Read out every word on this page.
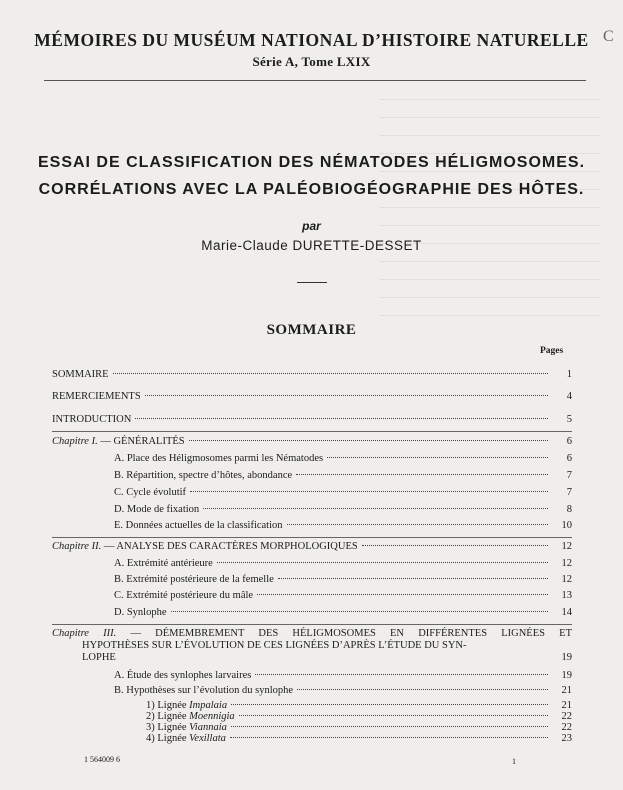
C
MÉMOIRES DU MUSÉUM NATIONAL D’HISTOIRE NATURELLE
Série A, Tome LXIX
ESSAI DE CLASSIFICATION DES NÉMATODES HÉLIGMOSOMES.
CORRÉLATIONS AVEC LA PALÉOBIOGÉOGRAPHIE DES HÔTES.
par
Marie-Claude DURETTE-DESSET
SOMMAIRE
Pages
SOMMAIRE	1
REMERCIEMENTS	4
INTRODUCTION	5
Chapitre I. — GÉNÉRALITÉS	6
A. Place des Héligmosomes parmi les Nématodes	6
B. Répartition, spectre d’hôtes, abondance	7
C. Cycle évolutif	7
D. Mode de fixation	8
E. Données actuelles de la classification	10
Chapitre II. — ANALYSE DES CARACTÈRES MORPHOLOGIQUES	12
A. Extrémité antérieure	12
B. Extrémité postérieure de la femelle	12
C. Extrémité postérieure du mâle	13
D. Synlophe	14
Chapitre III. — DÉMEMBREMENT DES HÉLIGMOSOMES EN DIFFÉRENTES LIGNÉES ET
HYPOTHÈSES SUR L’ÉVOLUTION DE CES LIGNÉES D’APRÈS L’ÉTUDE DU SYN-
LOPHE	19
A. Étude des synlophes larvaires	19
B. Hypothèses sur l’évolution du synlophe	21
1) Lignée Impalaia	21
2) Lignée Moennigia	22
3) Lignée Viannaia	22
4) Lignée Vexillata	23
1 564009 6	1
